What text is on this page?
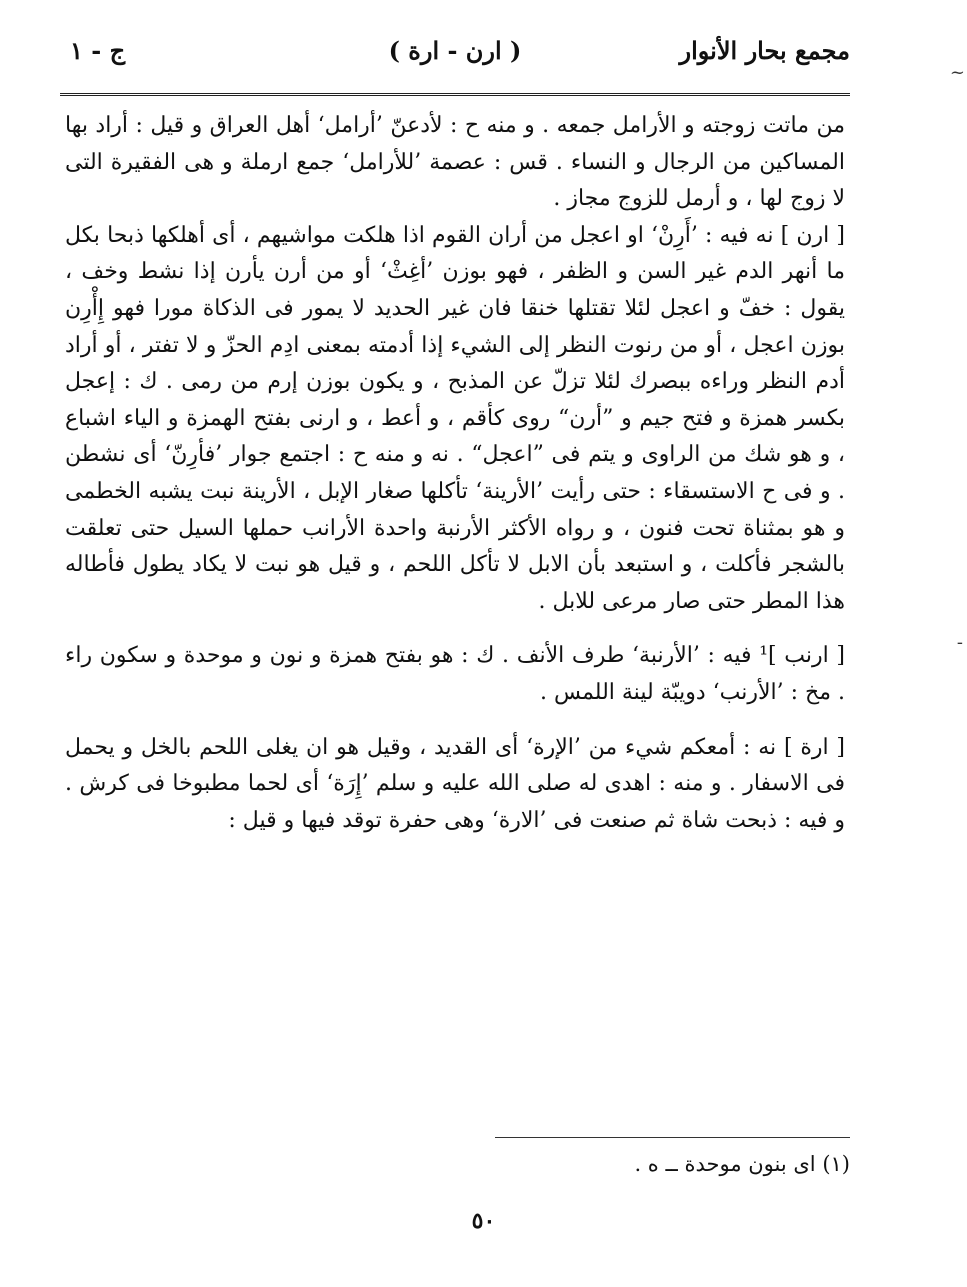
مجمع بحار الأنوار
( ارن - ارة )
ج - ١

من ماتت زوجته و الأرامل جمعه . و منه ح : لأدعنّ ’أرامل‘ أهل العراق و قيل : أراد بها المساكين من الرجال و النساء . قس : عصمة ’للأرامل‘ جمع ارملة و هى الفقيرة التى لا زوج لها ، و أرمل للزوج مجاز .

[ ارن ] نه فيه : ’أَرِنْ‘ او اعجل من أران القوم اذا هلكت مواشيهم ، أى أهلكها ذبحا بكل ما أنهر الدم غير السن و الظفر ، فهو بوزن ’أغِثْ‘ أو من أرن يأرن إذا نشط وخف ، يقول : خفّ و اعجل لئلا تقتلها خنقا فان غير الحديد لا يمور فى الذكاة مورا فهو إِأْرِن بوزن اعجل ، أو من رنوت النظر إلى الشيء إذا أدمته بمعنى ادِم الحزّ و لا تفتر ، أو أراد أدم النظر وراءه ببصرك لئلا تزلّ عن المذبح ، و يكون بوزن إرم من رمى . ك : إعجل بكسر همزة و فتح جيم و ”أرن“ روى كأقم ، و أعط ، و ارنى بفتح الهمزة و الياء اشباع ، و هو شك من الراوى و يتم فى ”اعجل“ . نه و منه ح : اجتمع جوار ’فأرِنّ‘ أى نشطن . و فى ح الاستسقاء : حتى رأيت ’الأرينة‘ تأكلها صغار الإبل ، الأرينة نبت يشبه الخطمى و هو بمثناة تحت فنون ، و رواه الأكثر الأرنبة واحدة الأرانب حملها السيل حتى تعلقت بالشجر فأكلت ، و استبعد بأن الابل لا تأكل اللحم ، و قيل هو نبت لا يكاد يطول فأطاله هذا المطر حتى صار مرعى للابل .

[ ارنب ]¹ فيه : ’الأرنبة‘ طرف الأنف . ك : هو بفتح همزة و نون و موحدة و سكون راء . مخ : ’الأرنب‘ دويبّة لينة اللمس .

[ ارة ] نه : أمعكم شيء من ’الإرة‘ أى القديد ، وقيل هو ان يغلى اللحم بالخل و يحمل فى الاسفار . و منه : اهدى له صلى الله عليه و سلم ’إِرَة‘ أى لحما مطبوخا فى كرش . و فيه : ذبحت شاة ثم صنعت فى ’الارة‘ وهى حفرة توقد فيها و قيل :

(١) اى بنون موحدة ــ ه .
٥٠
~
-
